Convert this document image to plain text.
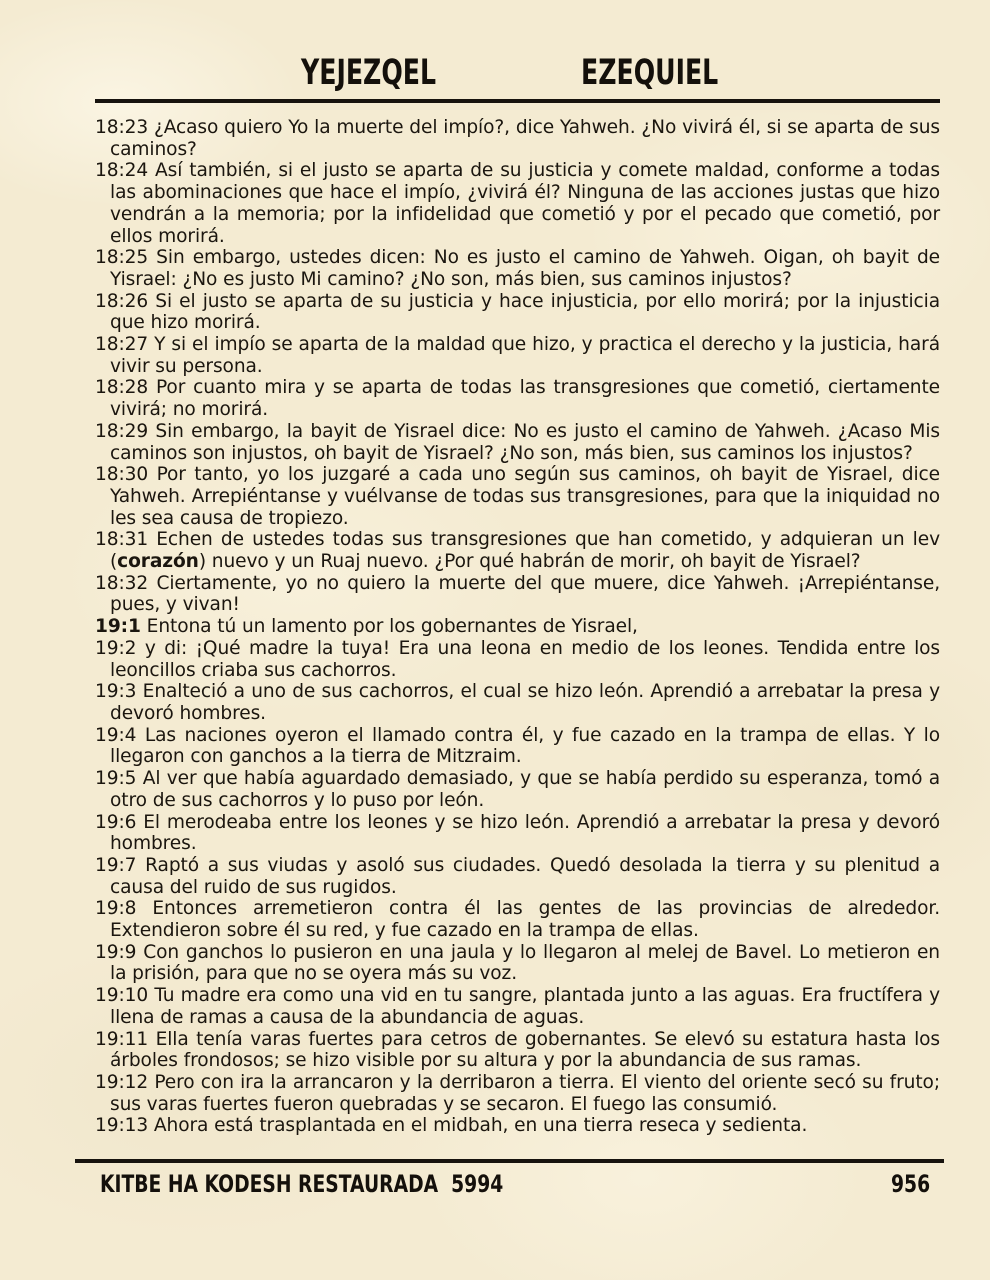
YEJEZQEL	EZEQUIEL

18:23 ¿Acaso quiero Yo la muerte del impío?, dice Yahweh. ¿No vivirá él, si se aparta de sus caminos?

18:24 Así también, si el justo se aparta de su justicia y comete maldad, conforme a todas las abominaciones que hace el impío, ¿vivirá él? Ninguna de las acciones justas que hizo vendrán a la memoria; por la infidelidad que cometió y por el pecado que cometió, por ellos morirá.

18:25 Sin embargo, ustedes dicen: No es justo el camino de Yahweh. Oigan, oh bayit de Yisrael: ¿No es justo Mi camino? ¿No son, más bien, sus caminos injustos?

18:26 Si el justo se aparta de su justicia y hace injusticia, por ello morirá; por la injusticia que hizo morirá.

18:27 Y si el impío se aparta de la maldad que hizo, y practica el derecho y la justicia, hará vivir su persona.

18:28 Por cuanto mira y se aparta de todas las transgresiones que cometió, ciertamente vivirá; no morirá.

18:29 Sin embargo, la bayit de Yisrael dice: No es justo el camino de Yahweh. ¿Acaso Mis caminos son injustos, oh bayit de Yisrael? ¿No son, más bien, sus caminos los injustos?

18:30 Por tanto, yo los juzgaré a cada uno según sus caminos, oh bayit de Yisrael, dice Yahweh. Arrepiéntanse y vuélvanse de todas sus transgresiones, para que la iniquidad no les sea causa de tropiezo.

18:31 Echen de ustedes todas sus transgresiones que han cometido, y adquieran un lev (corazón) nuevo y un Ruaj nuevo. ¿Por qué habrán de morir, oh bayit de Yisrael?

18:32 Ciertamente, yo no quiero la muerte del que muere, dice Yahweh. ¡Arrepiéntanse, pues, y vivan!

19:1 Entona tú un lamento por los gobernantes de Yisrael,

19:2 y di: ¡Qué madre la tuya! Era una leona en medio de los leones. Tendida entre los leoncillos criaba sus cachorros.

19:3 Enalteció a uno de sus cachorros, el cual se hizo león. Aprendió a arrebatar la presa y devoró hombres.

19:4 Las naciones oyeron el llamado contra él, y fue cazado en la trampa de ellas. Y lo llegaron con ganchos a la tierra de Mitzraim.

19:5 Al ver que había aguardado demasiado, y que se había perdido su esperanza, tomó a otro de sus cachorros y lo puso por león.

19:6 El merodeaba entre los leones y se hizo león. Aprendió a arrebatar la presa y devoró hombres.

19:7 Raptó a sus viudas y asoló sus ciudades. Quedó desolada la tierra y su plenitud a causa del ruido de sus rugidos.

19:8 Entonces arremetieron contra él las gentes de las provincias de alrededor. Extendieron sobre él su red, y fue cazado en la trampa de ellas.

19:9 Con ganchos lo pusieron en una jaula y lo llegaron al melej de Bavel. Lo metieron en la prisión, para que no se oyera más su voz.

19:10 Tu madre era como una vid en tu sangre, plantada junto a las aguas. Era fructífera y llena de ramas a causa de la abundancia de aguas.

19:11 Ella tenía varas fuertes para cetros de gobernantes. Se elevó su estatura hasta los árboles frondosos; se hizo visible por su altura y por la abundancia de sus ramas.

19:12 Pero con ira la arrancaron y la derribaron a tierra. El viento del oriente secó su fruto; sus varas fuertes fueron quebradas y se secaron. El fuego las consumió.

19:13 Ahora está trasplantada en el midbah, en una tierra reseca y sedienta.

KITBE HA KODESH RESTAURADA  5994	956
